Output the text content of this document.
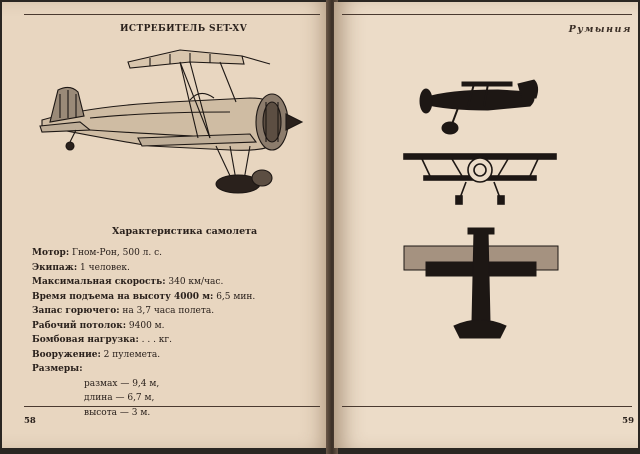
ИСТРЕБИТЕЛЬ SET-XV
Характеристика самолета
Мотор: Гном-Рон, 500 л. с.
Экипаж: 1 человек.
Максимальная скорость: 340 км/час.
Время подъема на высоту 4000 м: 6,5 мин.
Запас горючего: на 3,7 часа полета.
Рабочий потолок: 9400 м.
Бомбовая нагрузка: . . . кг.
Вооружение: 2 пулемета.
Размеры:
размах — 9,4 м,
длина — 6,7 м,
высота — 3 м.
58
Румыния
59
